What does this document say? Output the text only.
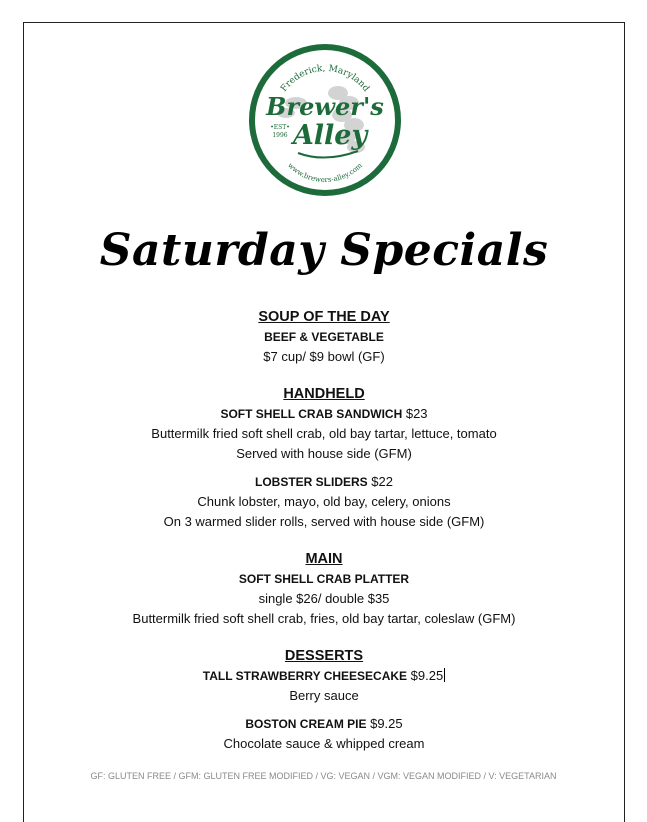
Frederick, Maryland
Brewer's
Alley
•EST•
1996
www.brewers-alley.com
Saturday Specials

SOUP OF THE DAY

BEEF & VEGETABLE

$7 cup/ $9 bowl (GF)

HANDHELD

SOFT SHELL CRAB SANDWICH $23

Buttermilk fried soft shell crab, old bay tartar, lettuce, tomato

Served with house side (GFM)

LOBSTER SLIDERS $22

Chunk lobster, mayo, old bay, celery, onions

On 3 warmed slider rolls, served with house side (GFM)

MAIN

SOFT SHELL CRAB PLATTER

single $26/ double $35

Buttermilk fried soft shell crab, fries, old bay tartar, coleslaw (GFM)

DESSERTS

TALL STRAWBERRY CHEESECAKE $9.25

Berry sauce

BOSTON CREAM PIE $9.25

Chocolate sauce & whipped cream

GF: GLUTEN FREE / GFM: GLUTEN FREE MODIFIED / VG: VEGAN / VGM: VEGAN MODIFIED / V: VEGETARIAN
